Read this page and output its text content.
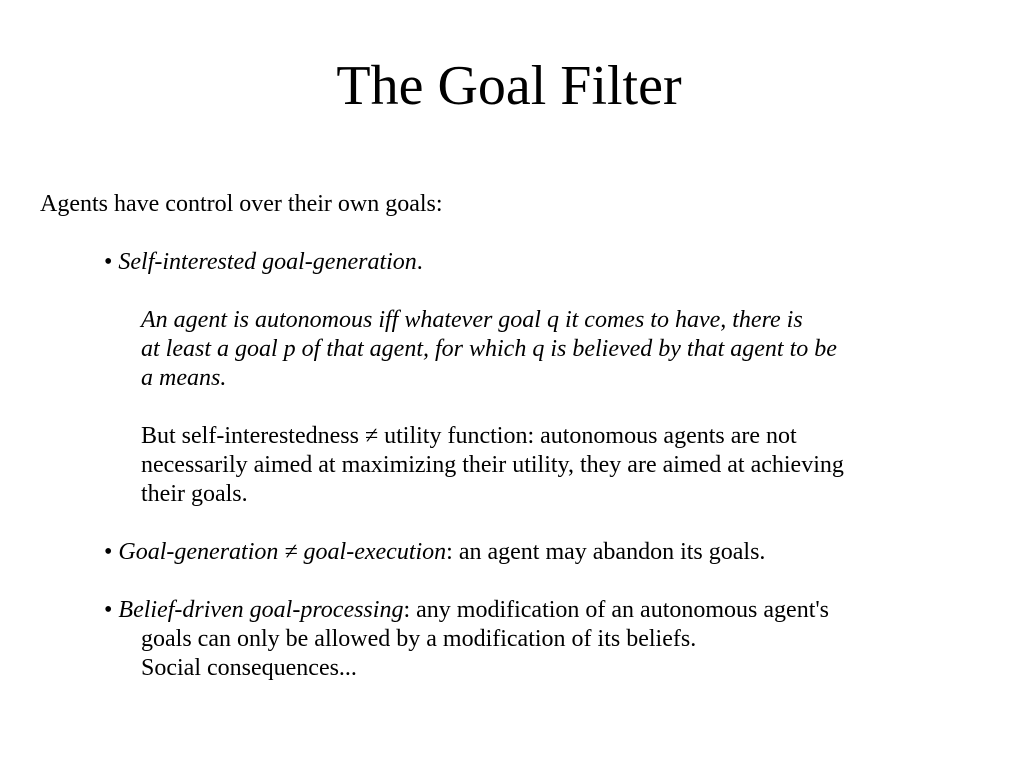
The Goal Filter
Agents have control over their own goals:
• Self-interested goal-generation.
An agent is autonomous iff whatever goal q it comes to have, there is
at least a goal p of that agent, for which q is believed by that agent to be
a means.
But self-interestedness ≠ utility function: autonomous agents are not
necessarily aimed at maximizing their utility, they are aimed at achieving
their goals.
• Goal-generation ≠ goal-execution: an agent may abandon its goals.
• Belief-driven goal-processing: any modification of an autonomous agent's
goals can only be allowed by a modification of its beliefs.
Social consequences...
